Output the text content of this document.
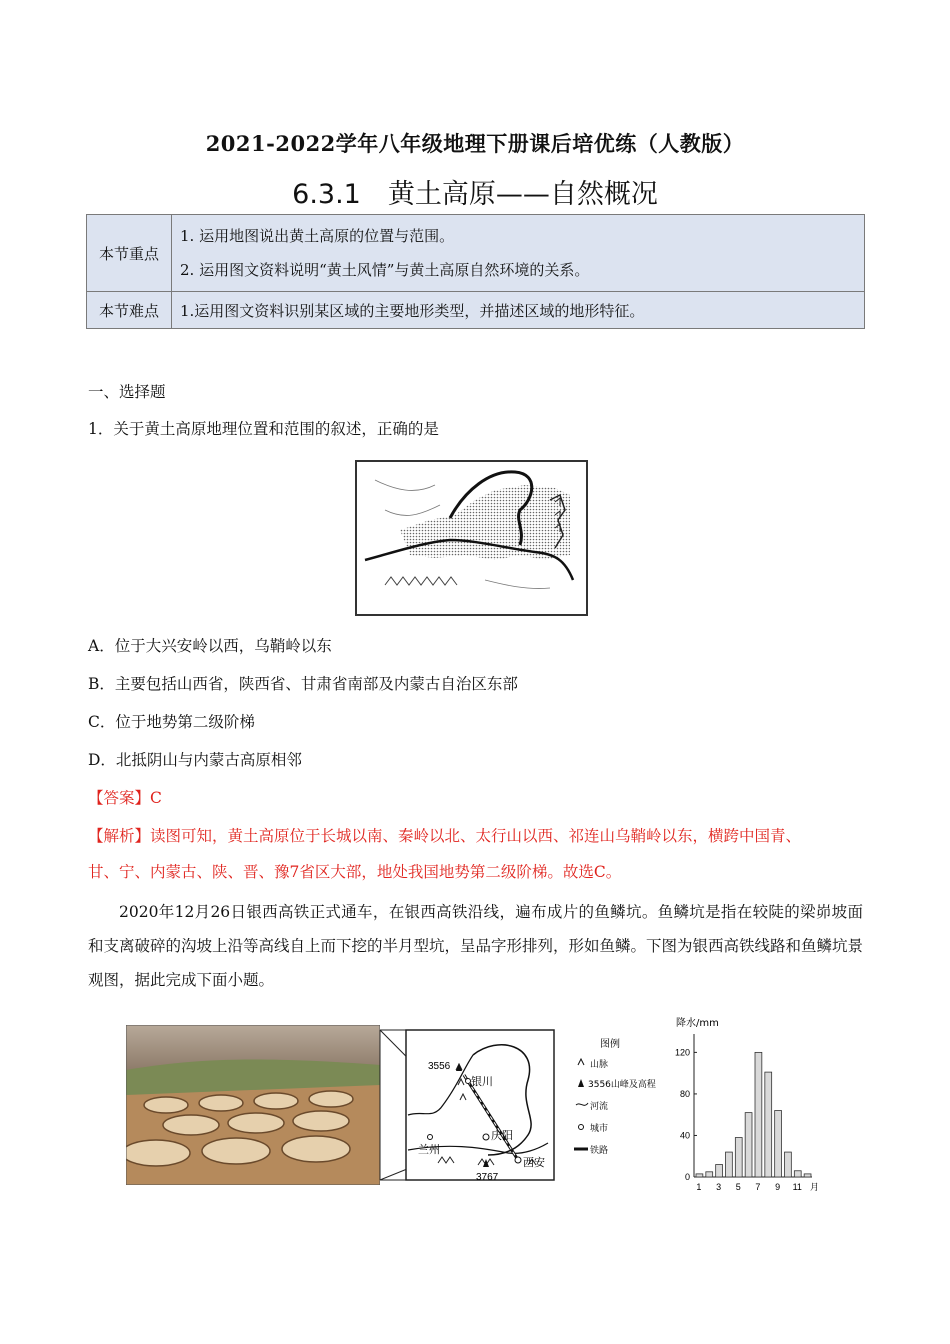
2021-2022学年八年级地理下册课后培优练（人教版）
6.3.1　黄土高原——自然概况
本节重点	1. 运用地图说出黄土高原的位置与范围。
2. 运用图文资料说明“黄土风情”与黄土高原自然环境的关系。

本节难点	1.运用图文资料识别某区域的主要地形类型，并描述区域的地形特征。
一、选择题
1．关于黄土高原地理位置和范围的叙述，正确的是
A．位于大兴安岭以西，乌鞘岭以东
B．主要包括山西省，陕西省、甘肃省南部及内蒙古自治区东部
C．位于地势第二级阶梯
D．北抵阴山与内蒙古高原相邻
【答案】C
【解析】读图可知，黄土高原位于长城以南、秦岭以北、太行山以西、祁连山乌鞘岭以东，横跨中国青、
甘、宁、内蒙古、陕、晋、豫7省区大部，地处我国地势第二级阶梯。故选C。
2020年12月26日银西高铁正式通车，在银西高铁沿线，遍布成片的鱼鳞坑。鱼鳞坑是指在较陡的梁峁坡面和支离破碎的沟坡上沿等高线自上而下挖的半月型坑，呈品字形排列，形如鱼鳞。下图为银西高铁线路和鱼鳞坑景观图，据此完成下面小题。
3556
银川
庆阳
兰州
西安
3767
图例
山脉
3556山峰及高程
河流
城市
铁路
降水/mm
0
40
80
120
1 3 5 7 9 11 月
